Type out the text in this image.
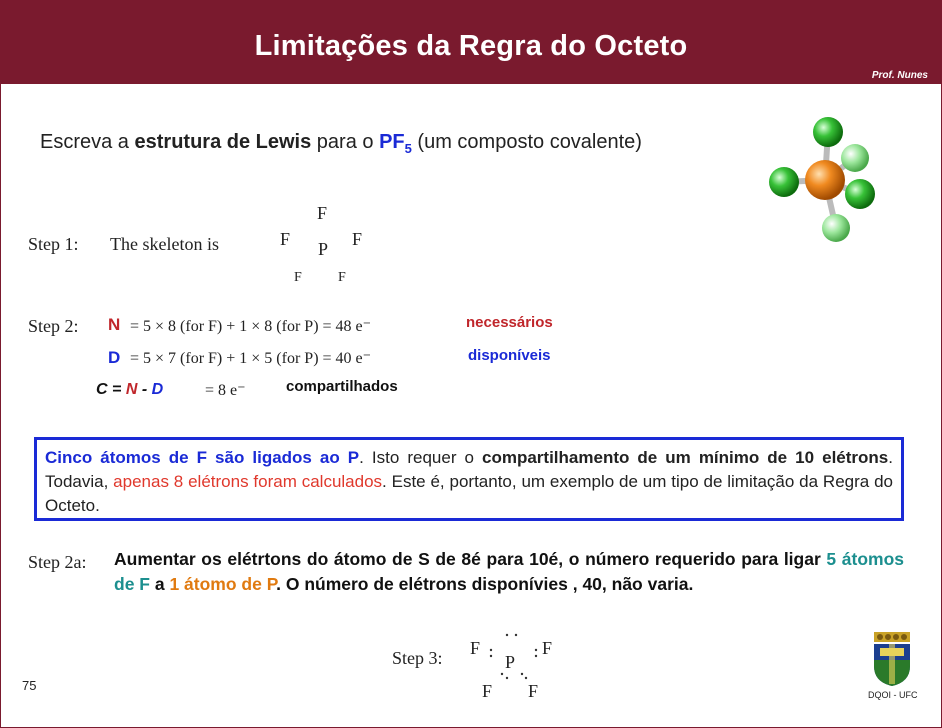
Limitações da Regra do Octeto
Prof. Nunes
Escreva a estrutura de Lewis para o $PF_5$ (um composto covalente)
Step 1: The skeleton is
F
F P F
F	F
Step 2: N = 5 × 8 (for F) + 1 × 8 (for P) = 48 e⁻	necessários
D = 5 × 7 (for F) + 1 × 5 (for P) = 40 e⁻	disponíveis
C = N - D	= 8 e⁻	compartilhados
Cinco átomos de F são ligados ao P. Isto requer o compartilhamento de um mínimo de 10 elétrons. Todavia, apenas 8 elétrons foram calculados. Este é, portanto, um exemplo de um tipo de limitação da Regra do Octeto.
Step 2a: Aumentar os elétrtons do átomo de S de 8é para 10é, o número requerido para ligar 5 átomos de F a 1 átomo de P. O número de elétrons disponívies , 40, não varia.
Step 3: F
P
F
F F
75
DQOI - UFC
